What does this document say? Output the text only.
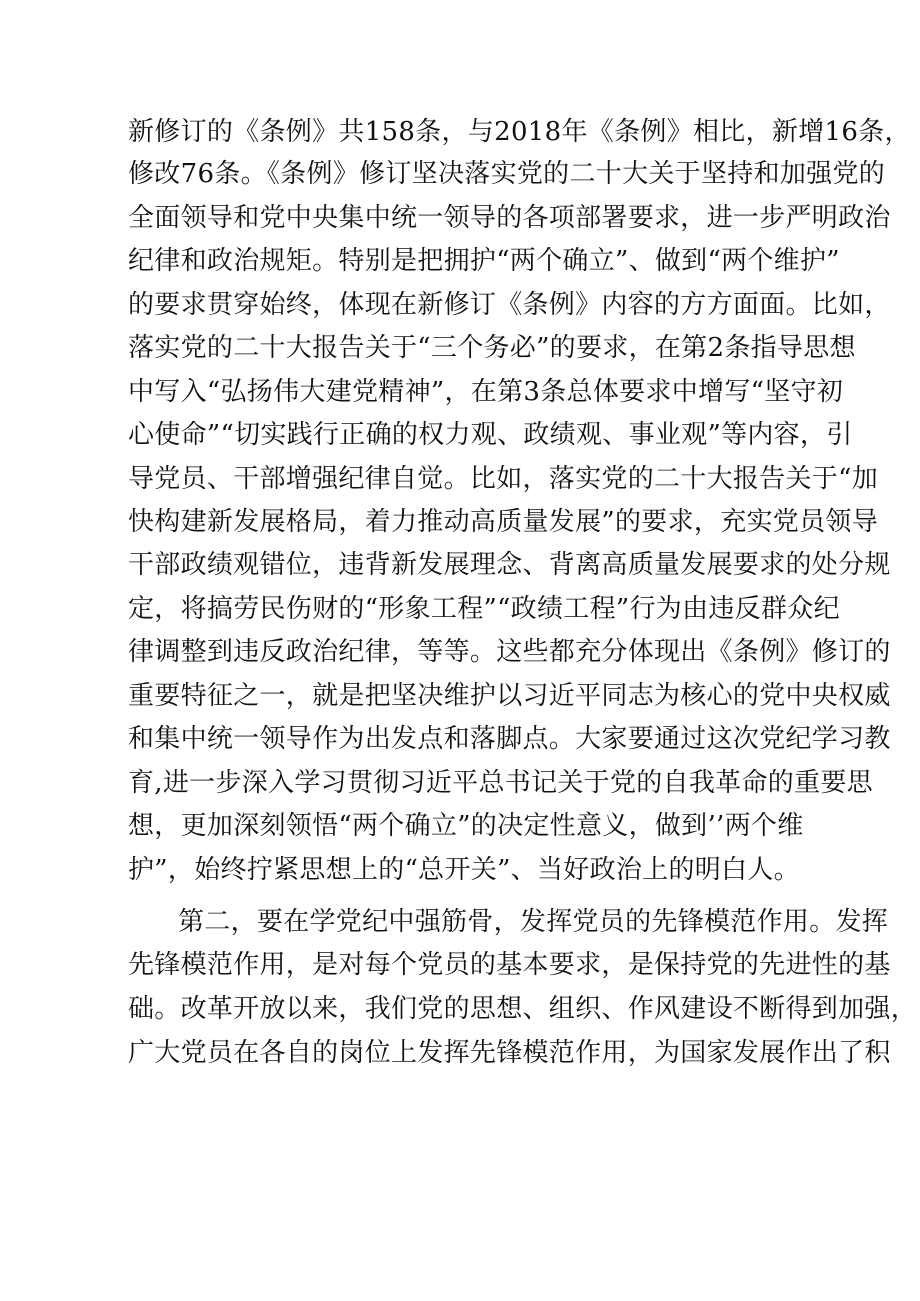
新修订的《条例》共158条，与2018年《条例》相比，新增16条，
修改76条。《条例》修订坚决落实党的二十大关于坚持和加强党的
全面领导和党中央集中统一领导的各项部署要求，进一步严明政治
纪律和政治规矩。特别是把拥护“两个确立”、做到“两个维护”
的要求贯穿始终，体现在新修订《条例》内容的方方面面。比如，
落实党的二十大报告关于“三个务必”的要求，在第2条指导思想
中写入“弘扬伟大建党精神”，在第3条总体要求中增写“坚守初
心使命”“切实践行正确的权力观、政绩观、事业观”等内容，引
导党员、干部增强纪律自觉。比如，落实党的二十大报告关于“加
快构建新发展格局，着力推动高质量发展”的要求，充实党员领导
干部政绩观错位，违背新发展理念、背离高质量发展要求的处分规
定，将搞劳民伤财的“形象工程”“政绩工程”行为由违反群众纪
律调整到违反政治纪律，等等。这些都充分体现出《条例》修订的
重要特征之一，就是把坚决维护以习近平同志为核心的党中央权威
和集中统一领导作为出发点和落脚点。大家要通过这次党纪学习教
育,进一步深入学习贯彻习近平总书记关于党的自我革命的重要思
想，更加深刻领悟“两个确立”的决定性意义，做到’’两个维
护”，始终拧紧思想上的“总开关”、当好政治上的明白人。
第二，要在学党纪中强筋骨，发挥党员的先锋模范作用。发挥
先锋模范作用，是对每个党员的基本要求，是保持党的先进性的基
础。改革开放以来，我们党的思想、组织、作风建设不断得到加强，
广大党员在各自的岗位上发挥先锋模范作用，为国家发展作出了积
